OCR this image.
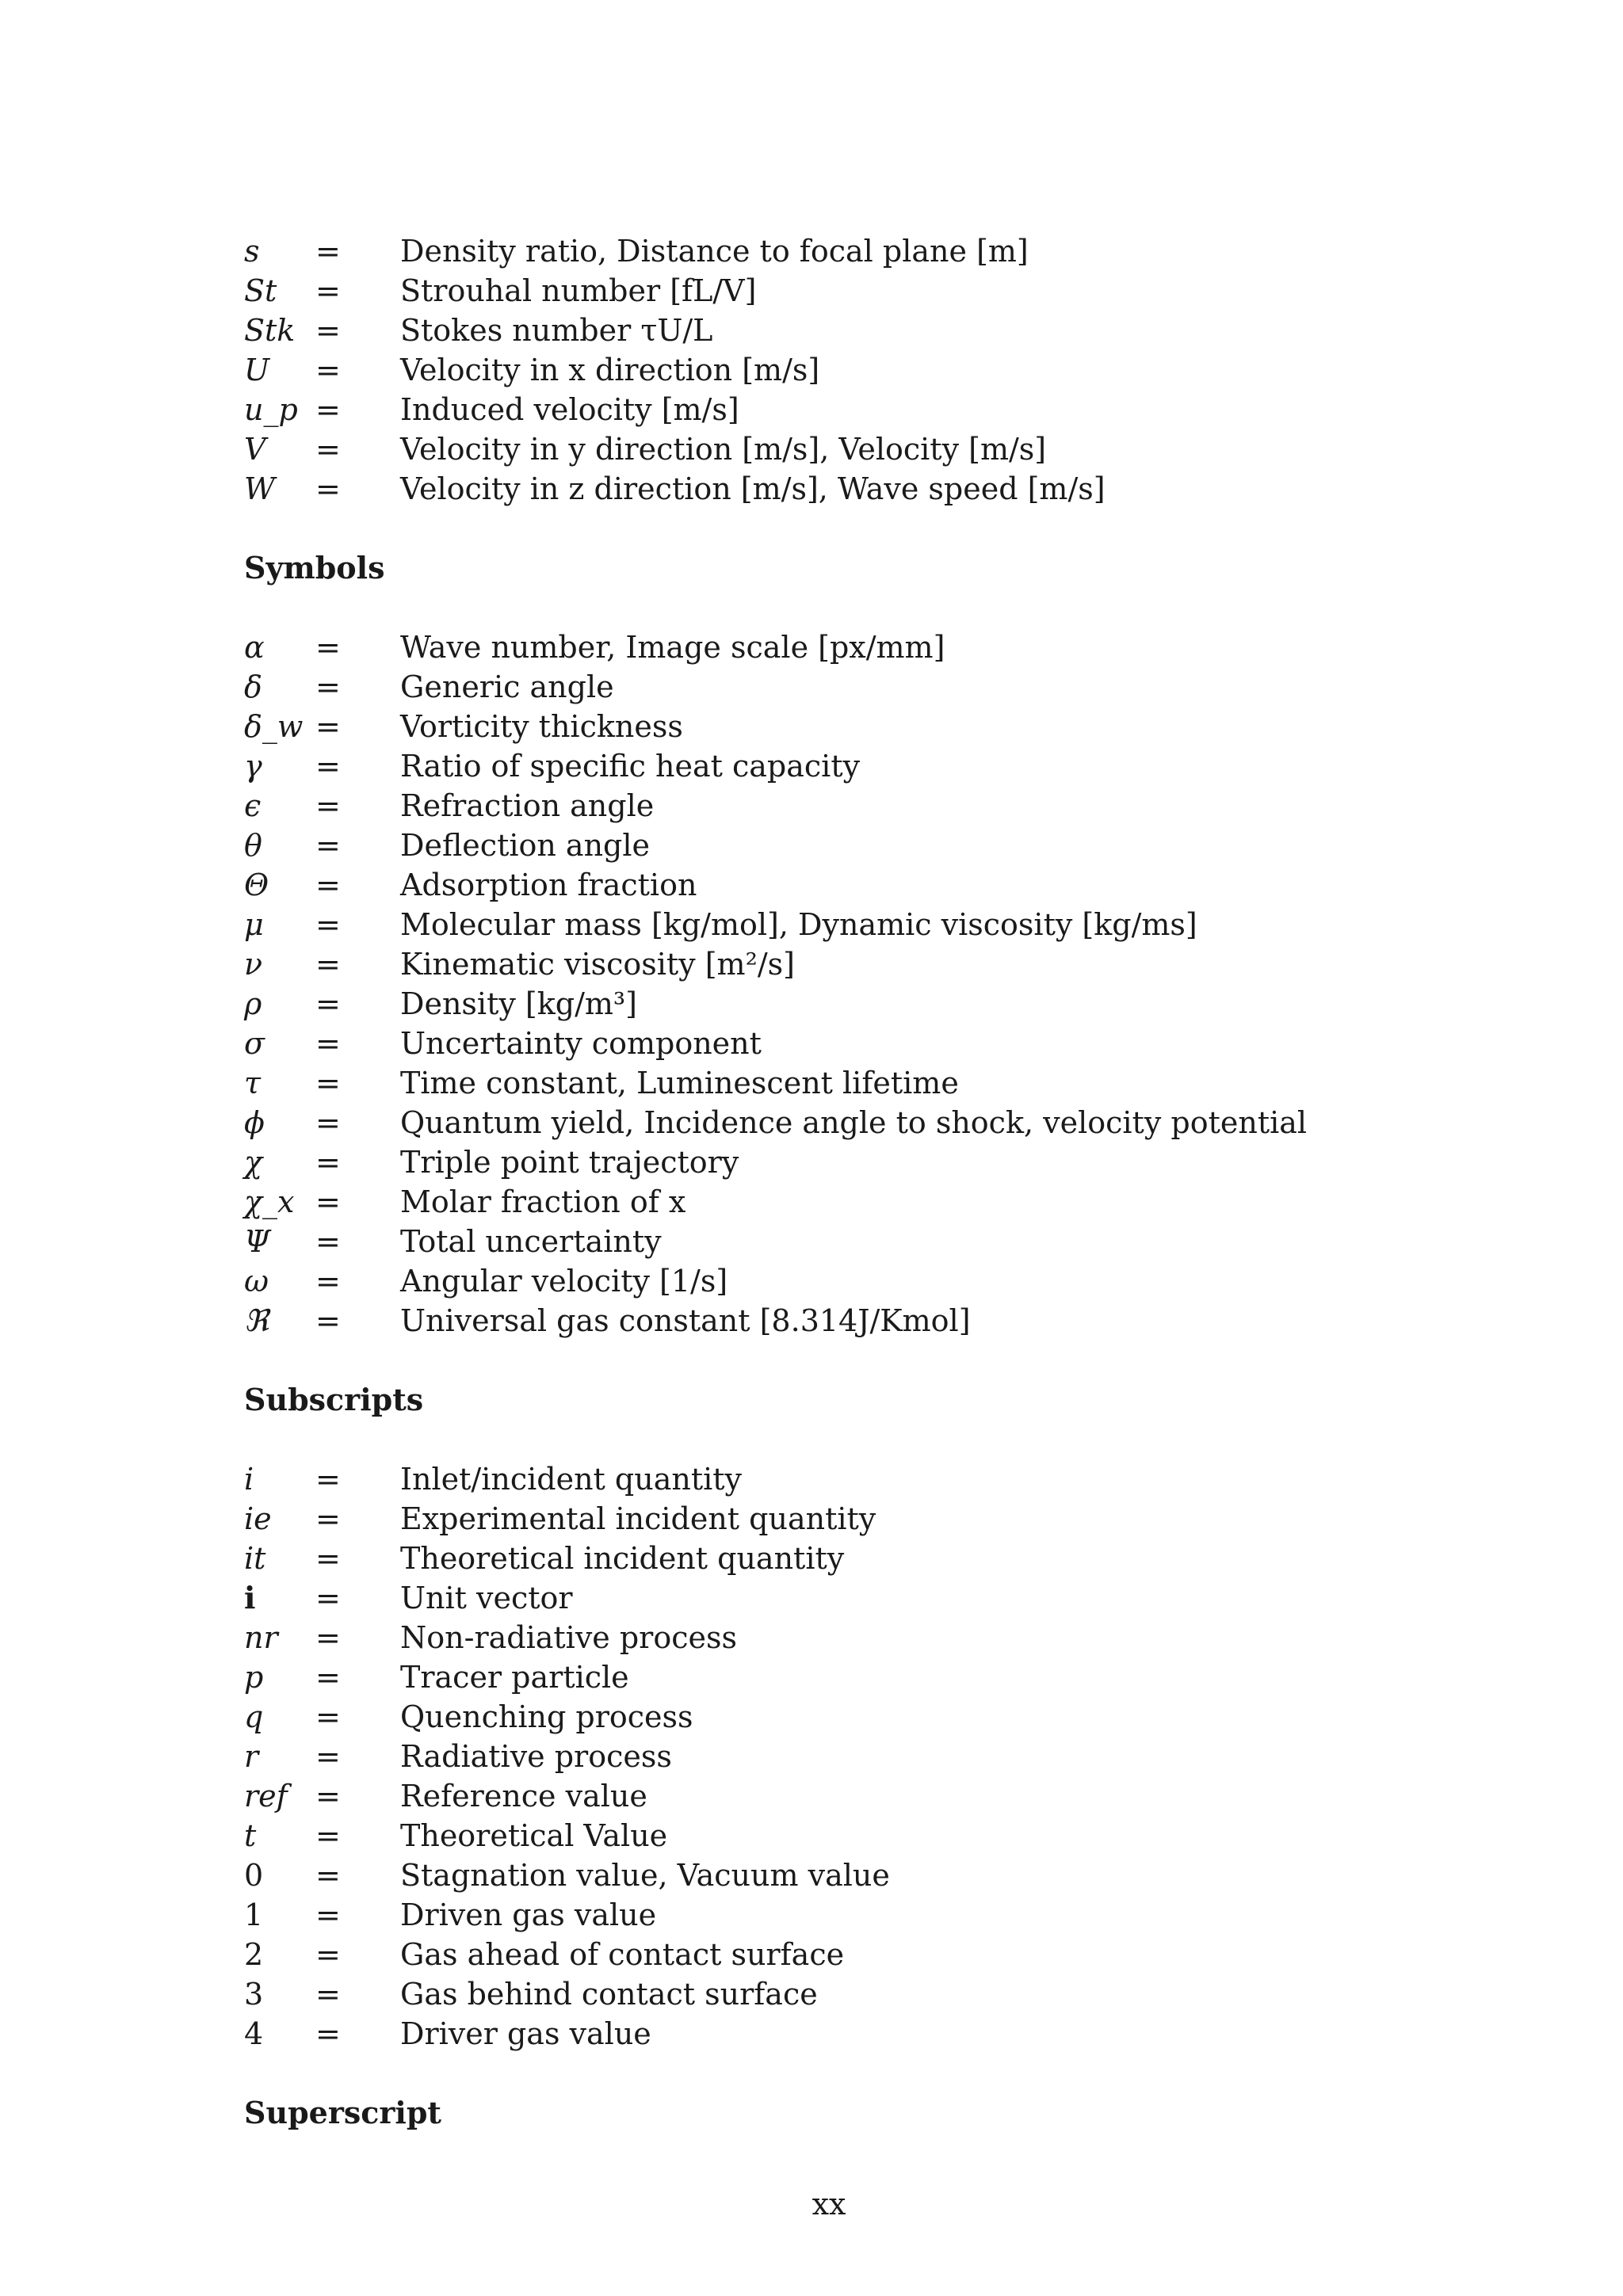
s	=	Density ratio, Distance to focal plane [m]
St	=	Strouhal number [fL/V]
Stk =	Stokes number τU/L
U	=	Velocity in x direction [m/s]
u_p =	Induced velocity [m/s]
V	=	Velocity in y direction [m/s], Velocity [m/s]
W	=	Velocity in z direction [m/s], Wave speed [m/s]
Symbols
α	=	Wave number, Image scale [px/mm]
δ	=	Generic angle
δ_w =	Vorticity thickness
γ	=	Ratio of specific heat capacity
ϵ	=	Refraction angle
θ	=	Deflection angle
Θ	=	Adsorption fraction
μ	=	Molecular mass [kg/mol], Dynamic viscosity [kg/ms]
ν	=	Kinematic viscosity [m²/s]
ρ	=	Density [kg/m³]
σ	=	Uncertainty component
τ	=	Time constant, Luminescent lifetime
ϕ	=	Quantum yield, Incidence angle to shock, velocity potential
χ	=	Triple point trajectory
χ_x =	Molar fraction of x
Ψ	=	Total uncertainty
ω	=	Angular velocity [1/s]
ℜ	=	Universal gas constant [8.314J/Kmol]
Subscripts
i	=	Inlet/incident quantity
ie	=	Experimental incident quantity
it	=	Theoretical incident quantity
i	=	Unit vector
nr	=	Non-radiative process
p	=	Tracer particle
q	=	Quenching process
r	=	Radiative process
ref =	Reference value
t	=	Theoretical Value
0	=	Stagnation value, Vacuum value
1	=	Driven gas value
2	=	Gas ahead of contact surface
3	=	Gas behind contact surface
4	=	Driver gas value
Superscript
xx
